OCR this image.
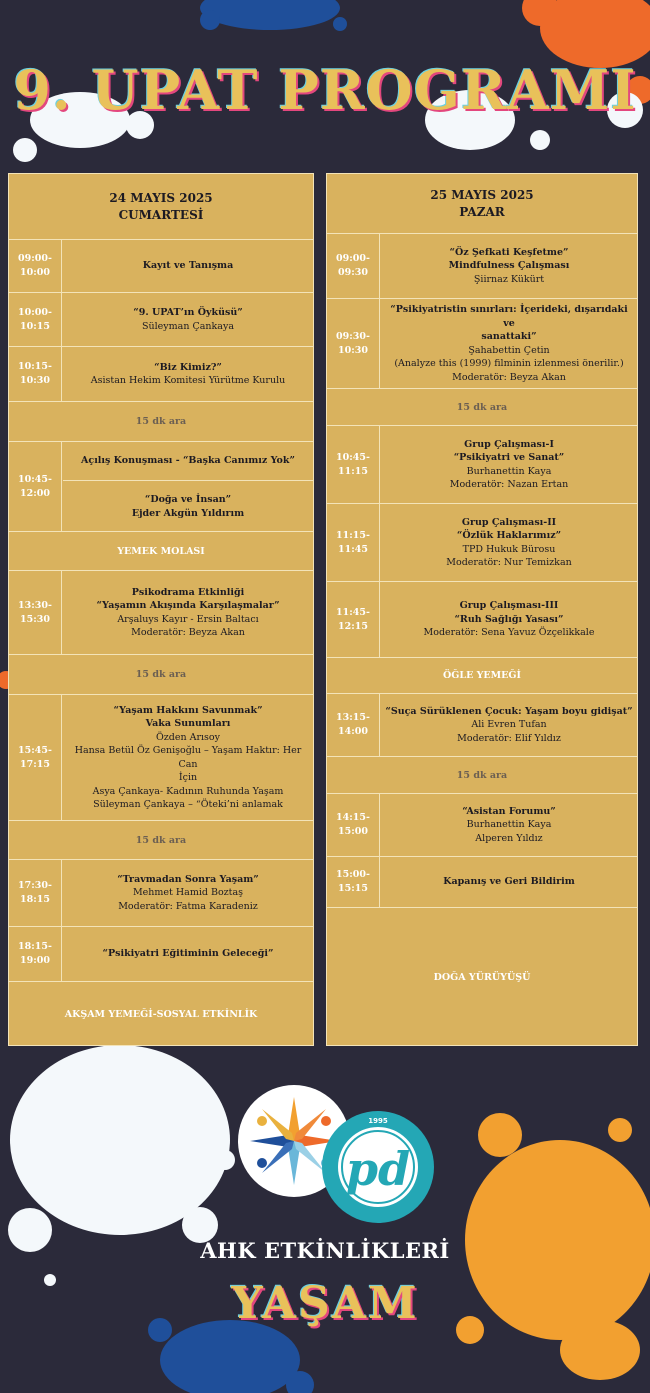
9. UPAT PROGRAMI
24 MAYIS 2025
CUMARTESİ
09:00-
10:00
Kayıt ve Tanışma
10:00-
10:15
“9. UPAT’ın Öyküsü”
Süleyman Çankaya
10:15-
10:30
“Biz Kimiz?”
Asistan Hekim Komitesi Yürütme Kurulu
15 dk ara
10:45-
12:00
Açılış Konuşması - “Başka Canımız Yok”
“Doğa ve İnsan”
Ejder Akgün Yıldırım
YEMEK MOLASI
13:30-
15:30
Psikodrama Etkinliği
“Yaşamın Akışında Karşılaşmalar”
Arşaluys Kayır - Ersin Baltacı
Moderatör: Beyza Akan
15 dk ara
15:45-
17:15
“Yaşam Hakkını Savunmak”
Vaka Sunumları
Özden Arısoy
Hansa Betül Öz Genişoğlu – Yaşam Haktır: Her Can
İçin
Asya Çankaya- Kadının Ruhunda Yaşam
Süleyman Çankaya – “Öteki’ni anlamak
15 dk ara
17:30-
18:15
“Travmadan Sonra Yaşam”
Mehmet Hamid Boztaş
Moderatör: Fatma Karadeniz
18:15-
19:00
“Psikiyatri Eğitiminin Geleceği”
AKŞAM YEMEĞİ-SOSYAL ETKİNLİK
25 MAYIS 2025
PAZAR
09:00-
09:30
“Öz Şefkati Keşfetme”
Mindfulness Çalışması
Şiirnaz Kükürt
09:30-
10:30
“Psikiyatristin sınırları: İçerideki, dışarıdaki ve
sanattaki”
Şahabettin Çetin
(Analyze this (1999) filminin izlenmesi önerilir.)
Moderatör: Beyza Akan
15 dk ara
10:45-
11:15
Grup Çalışması-I
“Psikiyatri ve Sanat”
Burhanettin Kaya
Moderatör: Nazan Ertan
11:15-
11:45
Grup Çalışması-II
“Özlük Haklarımız”
TPD Hukuk Bürosu
Moderatör: Nur Temizkan
11:45-
12:15
Grup Çalışması-III
“Ruh Sağlığı Yasası”
Moderatör: Sena Yavuz Özçelikkale
ÖĞLE YEMEĞİ
13:15-
14:00
“Suça Sürüklenen Çocuk: Yaşam boyu gidişat”
Ali Evren Tufan
Moderatör: Elif Yıldız
15 dk ara
14:15-
15:00
“Asistan Forumu”
Burhanettin Kaya
Alperen Yıldız
15:00-
15:15
Kapanış ve Geri Bildirim
DOĞA YÜRÜYÜŞÜ
pd
1995
AHK ETKİNLİKLERİ
YAŞAM
